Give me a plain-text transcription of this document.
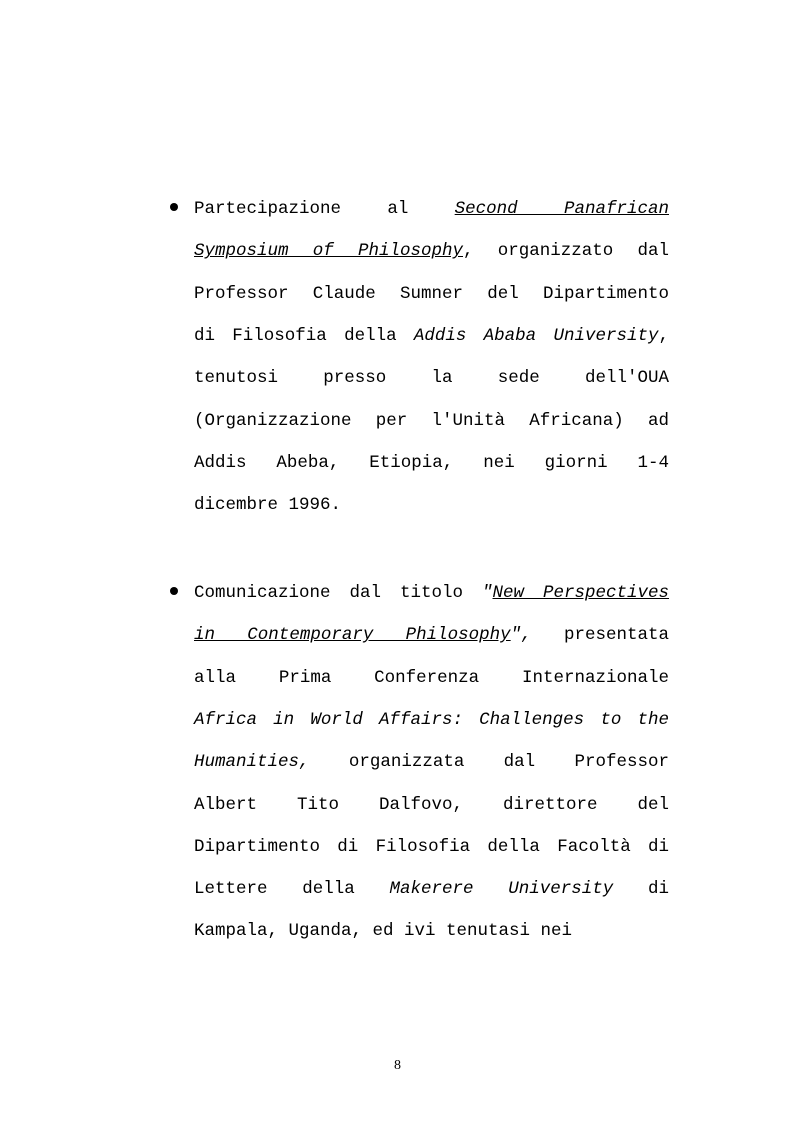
Partecipazione al Second Panafrican
Symposium of Philosophy, organizzato dal
Professor Claude Sumner del Dipartimento
di Filosofia della Addis Ababa University,
tenutosi presso la sede dell'OUA
(Organizzazione per l'Unità Africana) ad
Addis Abeba, Etiopia, nei giorni 1-4
dicembre 1996.
Comunicazione dal titolo "New Perspectives
in Contemporary Philosophy", presentata
alla Prima Conferenza Internazionale
Africa in World Affairs: Challenges to the
Humanities, organizzata dal Professor
Albert Tito Dalfovo, direttore del
Dipartimento di Filosofia della Facoltà di
Lettere della Makerere University di
Kampala, Uganda, ed ivi tenutasi nei
8
